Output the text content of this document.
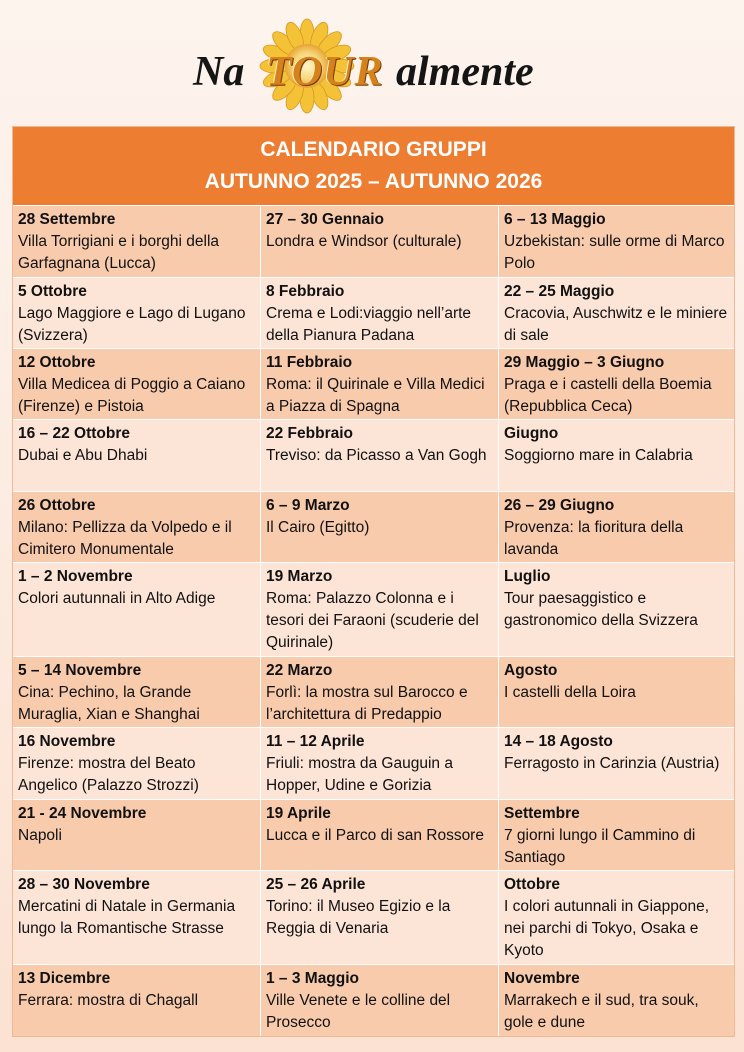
Na TOUR almente
CALENDARIO GRUPPI
AUTUNNO 2025 – AUTUNNO 2026
28 Settembre
Villa Torrigiani e i borghi della Garfagnana (Lucca)
27 – 30 Gennaio
Londra e Windsor (culturale)
6 – 13 Maggio
Uzbekistan: sulle orme di Marco Polo
5 Ottobre
Lago Maggiore e Lago di Lugano (Svizzera)
8 Febbraio
Crema e Lodi:viaggio nell’arte della Pianura Padana
22 – 25 Maggio
Cracovia, Auschwitz e le miniere di sale
12 Ottobre
Villa Medicea di Poggio a Caiano (Firenze) e Pistoia
11 Febbraio
Roma: il Quirinale e Villa Medici a Piazza di Spagna
29 Maggio – 3 Giugno
Praga e i castelli della Boemia (Repubblica Ceca)
16 – 22 Ottobre
Dubai e Abu Dhabi
22 Febbraio
Treviso: da Picasso a Van Gogh
Giugno
Soggiorno mare in Calabria
26 Ottobre
Milano: Pellizza da Volpedo e il Cimitero Monumentale
6 – 9 Marzo
Il Cairo (Egitto)
26 – 29 Giugno
Provenza: la fioritura della lavanda
1 – 2 Novembre
Colori autunnali in Alto Adige
19 Marzo
Roma: Palazzo Colonna e i tesori dei Faraoni (scuderie del Quirinale)
Luglio
Tour paesaggistico e gastronomico della Svizzera
5 – 14 Novembre
Cina: Pechino, la Grande Muraglia, Xian e Shanghai
22 Marzo
Forlì: la mostra sul Barocco e l’architettura di Predappio
Agosto
I castelli della Loira
16 Novembre
Firenze: mostra del Beato Angelico (Palazzo Strozzi)
11 – 12 Aprile
Friuli: mostra da Gauguin a Hopper, Udine e Gorizia
14 – 18 Agosto
Ferragosto in Carinzia (Austria)
21 - 24 Novembre
Napoli
19 Aprile
Lucca e il Parco di san Rossore
Settembre
7 giorni lungo il Cammino di Santiago
28 – 30 Novembre
Mercatini di Natale in Germania lungo la Romantische Strasse
25 – 26 Aprile
Torino: il Museo Egizio e la Reggia di Venaria
Ottobre
I colori autunnali in Giappone, nei parchi di Tokyo, Osaka e Kyoto
13 Dicembre
Ferrara: mostra di Chagall
1 – 3 Maggio
Ville Venete e le colline del Prosecco
Novembre
Marrakech e il sud, tra souk, gole e dune
